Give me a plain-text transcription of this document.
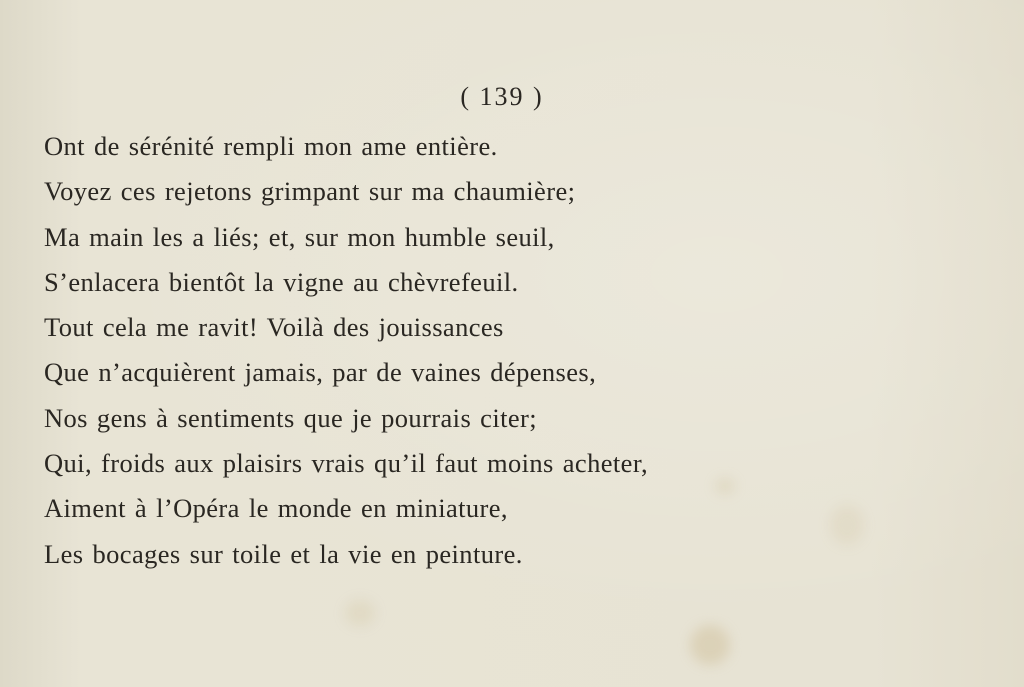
( 139 )
Ont de sérénité rempli mon ame entière.
Voyez ces rejetons grimpant sur ma chaumière;
Ma main les a liés; et, sur mon humble seuil,
S’enlacera bientôt la vigne au chèvrefeuil.
Tout cela me ravit! Voilà des jouissances
Que n’acquièrent jamais, par de vaines dépenses,
Nos gens à sentiments que je pourrais citer;
Qui, froids aux plaisirs vrais qu’il faut moins acheter,
Aiment à l’Opéra le monde en miniature,
Les bocages sur toile et la vie en peinture.
